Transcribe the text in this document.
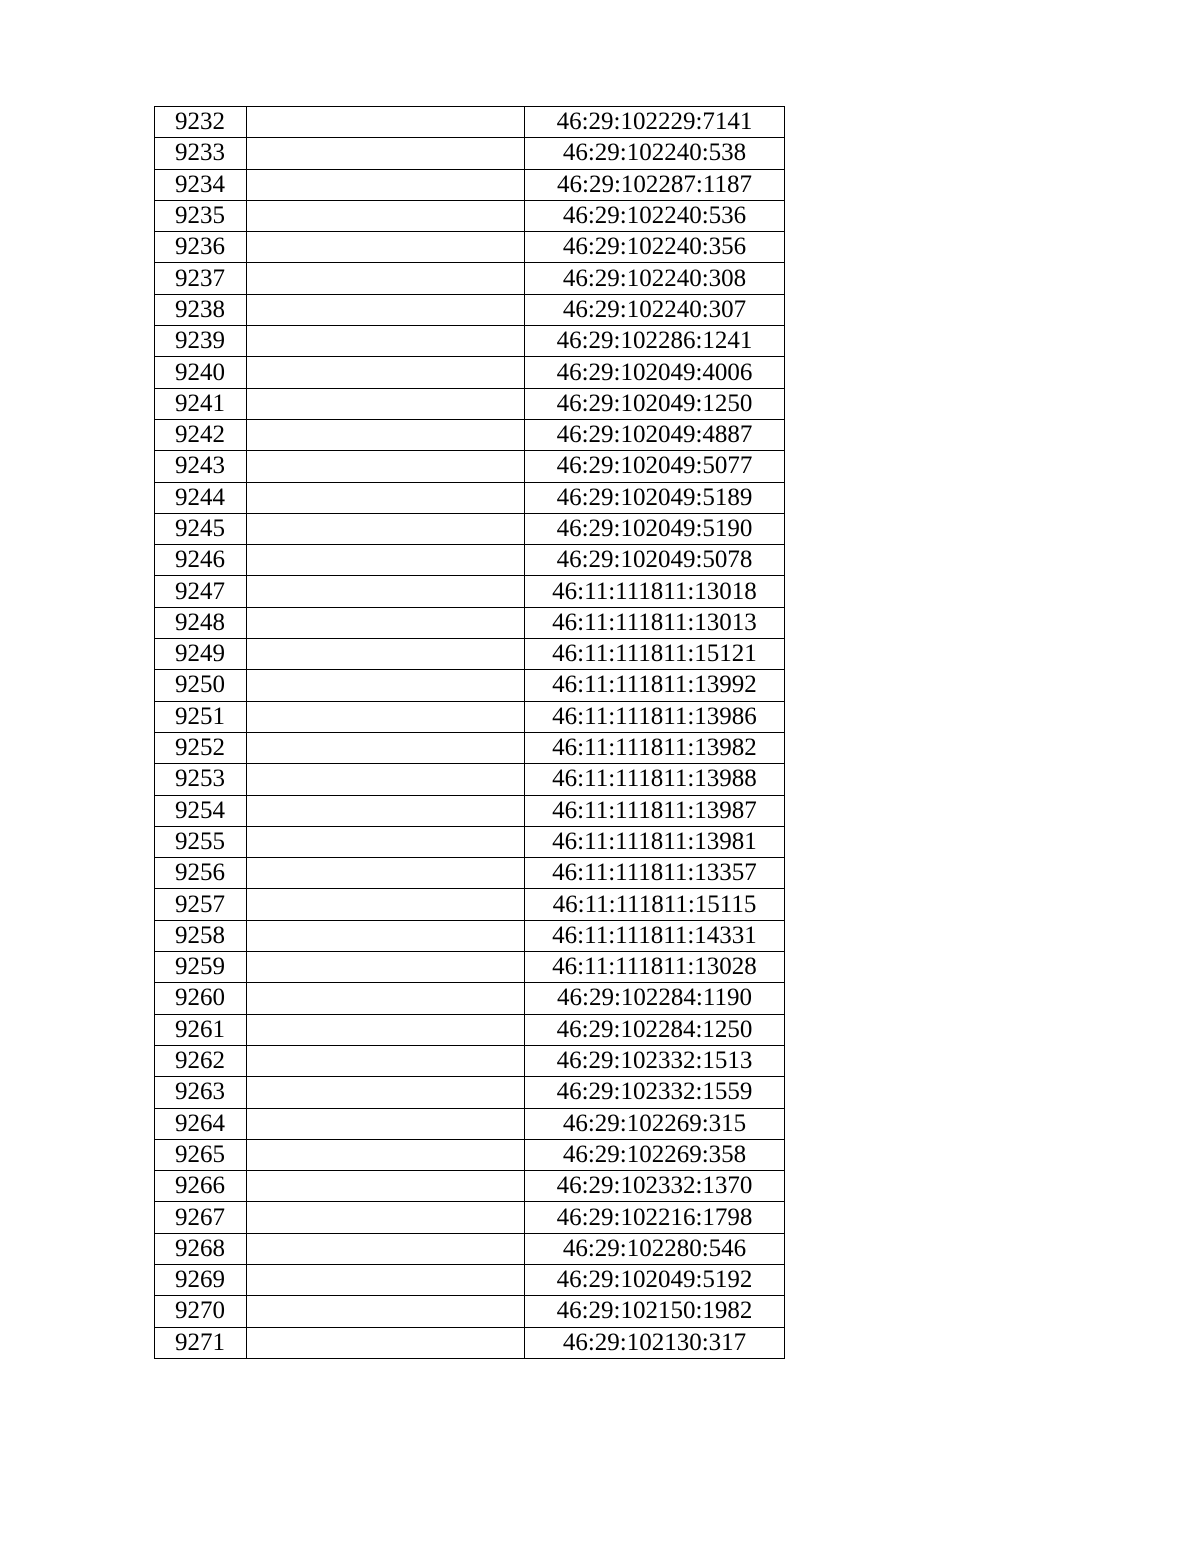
9232		46:29:102229:7141
9233		46:29:102240:538
9234		46:29:102287:1187
9235		46:29:102240:536
9236		46:29:102240:356
9237		46:29:102240:308
9238		46:29:102240:307
9239		46:29:102286:1241
9240		46:29:102049:4006
9241		46:29:102049:1250
9242		46:29:102049:4887
9243		46:29:102049:5077
9244		46:29:102049:5189
9245		46:29:102049:5190
9246		46:29:102049:5078
9247		46:11:111811:13018
9248		46:11:111811:13013
9249		46:11:111811:15121
9250		46:11:111811:13992
9251		46:11:111811:13986
9252		46:11:111811:13982
9253		46:11:111811:13988
9254		46:11:111811:13987
9255		46:11:111811:13981
9256		46:11:111811:13357
9257		46:11:111811:15115
9258		46:11:111811:14331
9259		46:11:111811:13028
9260		46:29:102284:1190
9261		46:29:102284:1250
9262		46:29:102332:1513
9263		46:29:102332:1559
9264		46:29:102269:315
9265		46:29:102269:358
9266		46:29:102332:1370
9267		46:29:102216:1798
9268		46:29:102280:546
9269		46:29:102049:5192
9270		46:29:102150:1982
9271		46:29:102130:317
